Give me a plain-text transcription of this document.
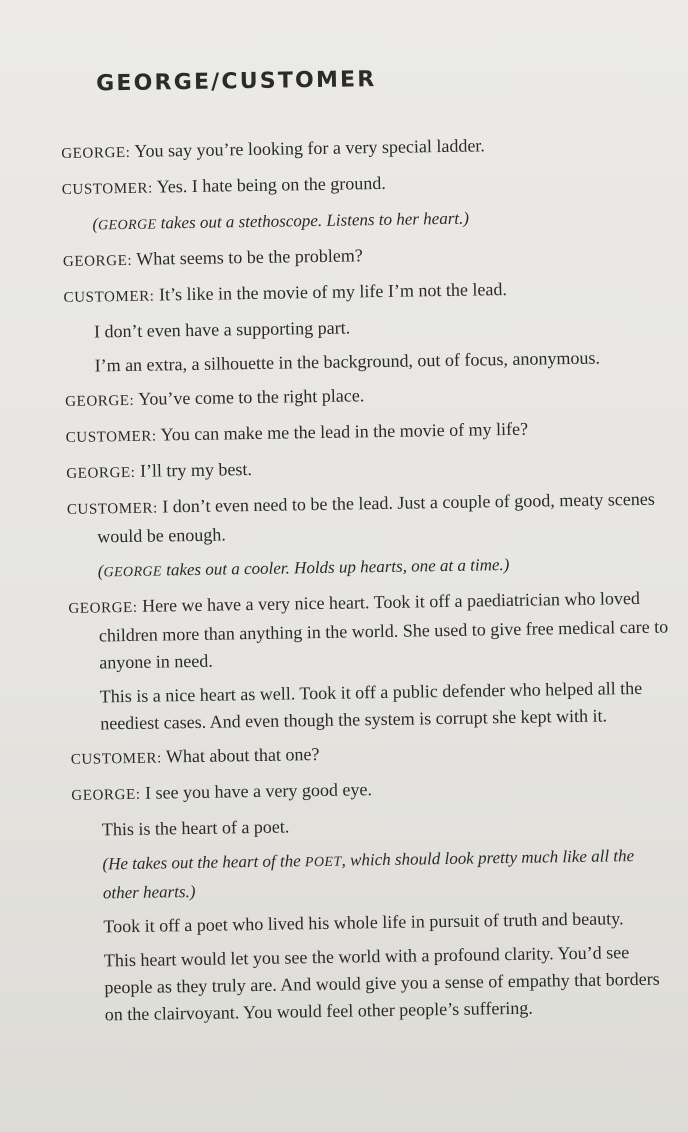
GEORGE/CUSTOMER
GEORGE: You say you’re looking for a very special ladder.
CUSTOMER: Yes. I hate being on the ground.
(GEORGE takes out a stethoscope. Listens to her heart.)
GEORGE: What seems to be the problem?
CUSTOMER: It’s like in the movie of my life I’m not the lead.
I don’t even have a supporting part.
I’m an extra, a silhouette in the background, out of focus, anonymous.
GEORGE: You’ve come to the right place.
CUSTOMER: You can make me the lead in the movie of my life?
GEORGE: I’ll try my best.
CUSTOMER: I don’t even need to be the lead. Just a couple of good, meaty scenes would be enough.
(GEORGE takes out a cooler. Holds up hearts, one at a time.)
GEORGE: Here we have a very nice heart. Took it off a paediatrician who loved children more than anything in the world. She used to give free medical care to anyone in need.
This is a nice heart as well. Took it off a public defender who helped all the neediest cases. And even though the system is corrupt she kept with it.
CUSTOMER: What about that one?
GEORGE: I see you have a very good eye.
This is the heart of a poet.
(He takes out the heart of the POET, which should look pretty much like all the other hearts.)
Took it off a poet who lived his whole life in pursuit of truth and beauty.
This heart would let you see the world with a profound clarity. You’d see people as they truly are. And would give you a sense of empathy that borders on the clairvoyant. You would feel other people’s suffering.
